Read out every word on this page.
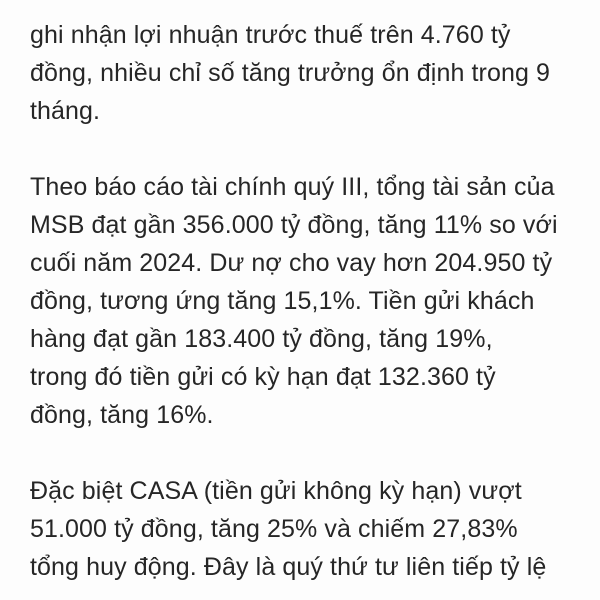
ghi nhận lợi nhuận trước thuế trên 4.760 tỷ
đồng, nhiều chỉ số tăng trưởng ổn định trong 9
tháng.

Theo báo cáo tài chính quý III, tổng tài sản của
MSB đạt gần 356.000 tỷ đồng, tăng 11% so với
cuối năm 2024. Dư nợ cho vay hơn 204.950 tỷ
đồng, tương ứng tăng 15,1%. Tiền gửi khách
hàng đạt gần 183.400 tỷ đồng, tăng 19%,
trong đó tiền gửi có kỳ hạn đạt 132.360 tỷ
đồng, tăng 16%.

Đặc biệt CASA (tiền gửi không kỳ hạn) vượt
51.000 tỷ đồng, tăng 25% và chiếm 27,83%
tổng huy động. Đây là quý thứ tư liên tiếp tỷ lệ
